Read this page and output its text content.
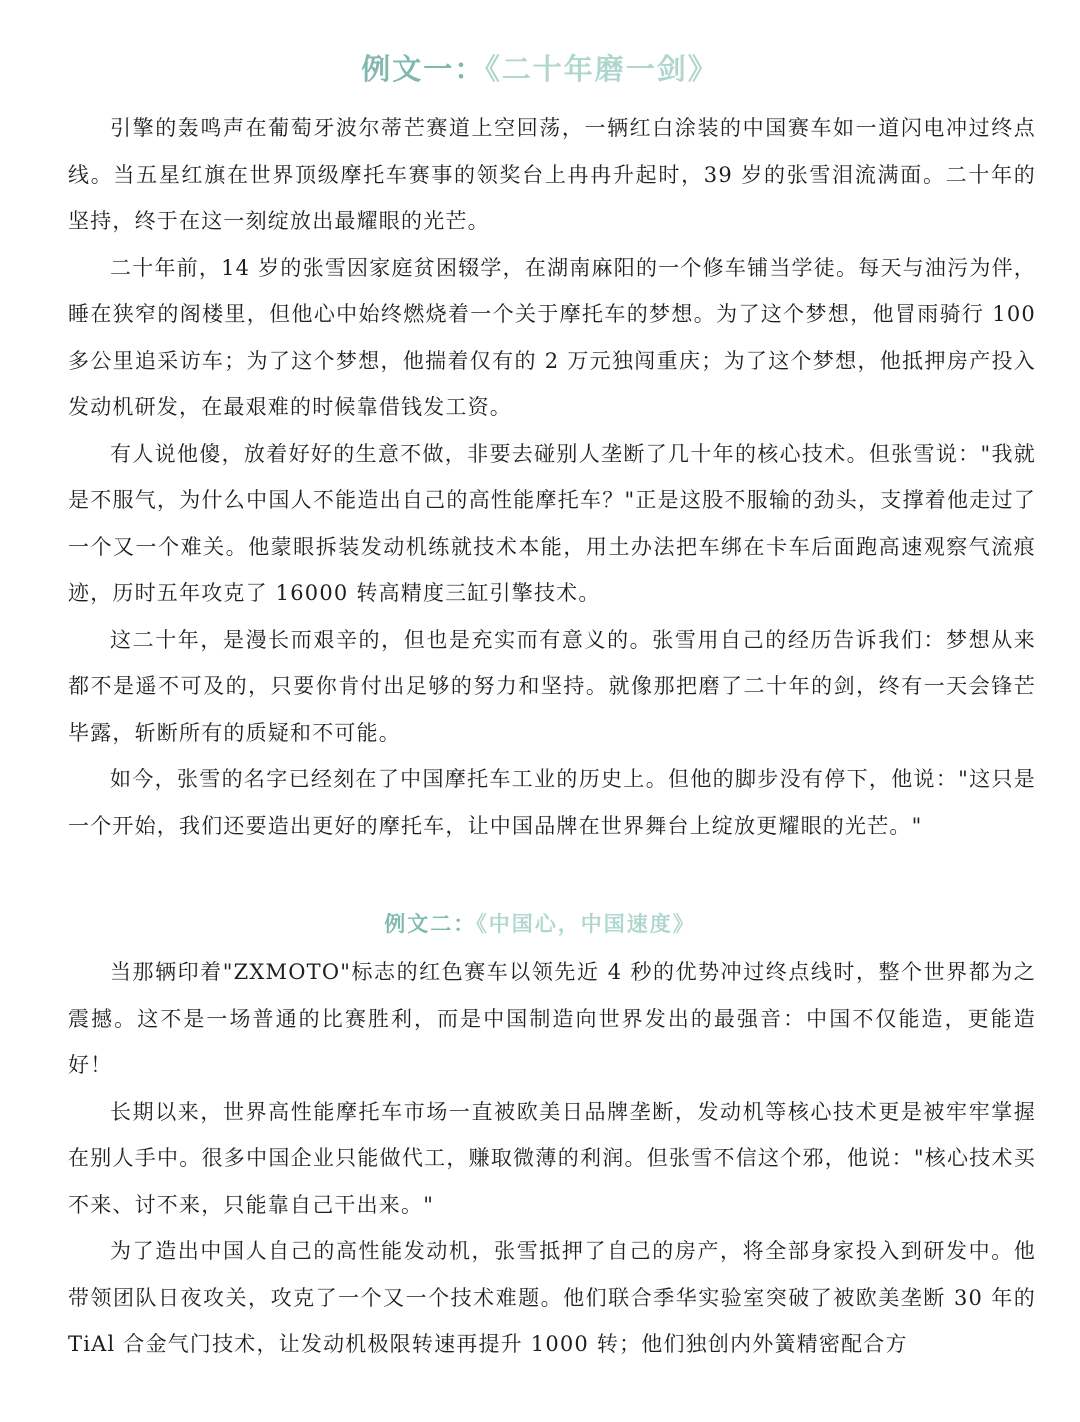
例文一：《二十年磨一剑》

引擎的轰鸣声在葡萄牙波尔蒂芒赛道上空回荡，一辆红白涂装的中国赛车如一道闪电冲过终点线。当五星红旗在世界顶级摩托车赛事的领奖台上冉冉升起时，39 岁的张雪泪流满面。二十年的坚持，终于在这一刻绽放出最耀眼的光芒。

二十年前，14 岁的张雪因家庭贫困辍学，在湖南麻阳的一个修车铺当学徒。每天与油污为伴，睡在狭窄的阁楼里，但他心中始终燃烧着一个关于摩托车的梦想。为了这个梦想，他冒雨骑行 100 多公里追采访车；为了这个梦想，他揣着仅有的 2 万元独闯重庆；为了这个梦想，他抵押房产投入发动机研发，在最艰难的时候靠借钱发工资。

有人说他傻，放着好好的生意不做，非要去碰别人垄断了几十年的核心技术。但张雪说："我就是不服气，为什么中国人不能造出自己的高性能摩托车？"正是这股不服输的劲头，支撑着他走过了一个又一个难关。他蒙眼拆装发动机练就技术本能，用土办法把车绑在卡车后面跑高速观察气流痕迹，历时五年攻克了 16000 转高精度三缸引擎技术。

这二十年，是漫长而艰辛的，但也是充实而有意义的。张雪用自己的经历告诉我们：梦想从来都不是遥不可及的，只要你肯付出足够的努力和坚持。就像那把磨了二十年的剑，终有一天会锋芒毕露，斩断所有的质疑和不可能。

如今，张雪的名字已经刻在了中国摩托车工业的历史上。但他的脚步没有停下，他说："这只是一个开始，我们还要造出更好的摩托车，让中国品牌在世界舞台上绽放更耀眼的光芒。"

例文二：《中国心，中国速度》

当那辆印着"ZXMOTO"标志的红色赛车以领先近 4 秒的优势冲过终点线时，整个世界都为之震撼。这不是一场普通的比赛胜利，而是中国制造向世界发出的最强音：中国不仅能造，更能造好！

长期以来，世界高性能摩托车市场一直被欧美日品牌垄断，发动机等核心技术更是被牢牢掌握在别人手中。很多中国企业只能做代工，赚取微薄的利润。但张雪不信这个邪，他说："核心技术买不来、讨不来，只能靠自己干出来。"

为了造出中国人自己的高性能发动机，张雪抵押了自己的房产，将全部身家投入到研发中。他带领团队日夜攻关，攻克了一个又一个技术难题。他们联合季华实验室突破了被欧美垄断 30 年的 TiAl 合金气门技术，让发动机极限转速再提升 1000 转；他们独创内外簧精密配合方
